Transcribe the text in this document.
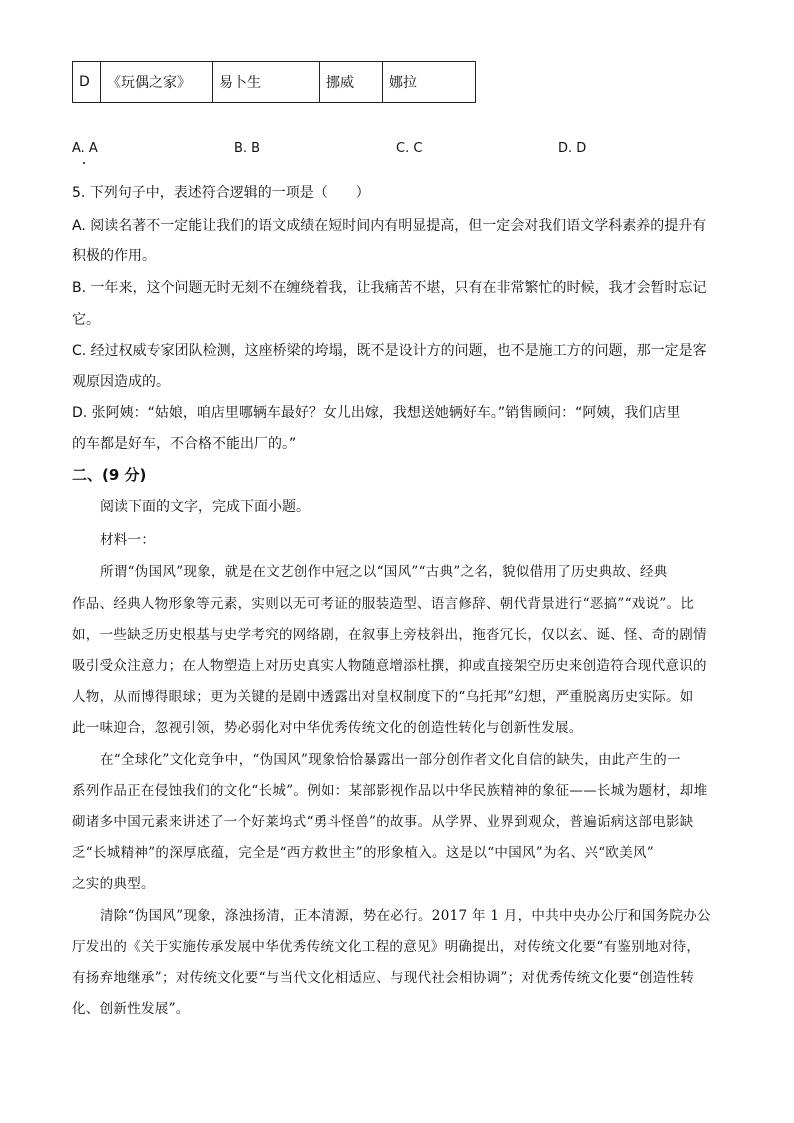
D	《玩偶之家》	易卜生	挪威	娜拉
A. A	B. B	C. C	D. D
5. 下列句子中，表述符合逻辑的一项是（　　）
A. 阅读名著不一定能让我们的语文成绩在短时间内有明显提高，但一定会对我们语文学科素养的提升有
积极的作用。
B. 一年来，这个问题无时无刻不在缠绕着我，让我痛苦不堪，只有在非常繁忙的时候，我才会暂时忘记
它。
C. 经过权威专家团队检测，这座桥梁的垮塌，既不是设计方的问题，也不是施工方的问题，那一定是客
观原因造成的。
D. 张阿姨：“姑娘，咱店里哪辆车最好？女儿出嫁，我想送她辆好车。”销售顾问：“阿姨，我们店里
的车都是好车，不合格不能出厂的。”
二、(9 分)
阅读下面的文字，完成下面小题。
材料一：
所谓“伪国风”现象，就是在文艺创作中冠之以“国风”“古典”之名，貌似借用了历史典故、经典
作品、经典人物形象等元素，实则以无可考证的服装造型、语言修辞、朝代背景进行“恶搞”“戏说”。比
如，一些缺乏历史根基与史学考究的网络剧，在叙事上旁枝斜出，拖沓冗长，仅以玄、诞、怪、奇的剧情
吸引受众注意力；在人物塑造上对历史真实人物随意增添杜撰，抑或直接架空历史来创造符合现代意识的
人物，从而博得眼球；更为关键的是剧中透露出对皇权制度下的“乌托邦”幻想，严重脱离历史实际。如
此一味迎合，忽视引领，势必弱化对中华优秀传统文化的创造性转化与创新性发展。
在“全球化”文化竞争中，“伪国风”现象恰恰暴露出一部分创作者文化自信的缺失，由此产生的一
系列作品正在侵蚀我们的文化“长城”。例如：某部影视作品以中华民族精神的象征——长城为题材，却堆
砌诸多中国元素来讲述了一个好莱坞式“勇斗怪兽”的故事。从学界、业界到观众，普遍诟病这部电影缺
乏“长城精神”的深厚底蕴，完全是“西方救世主”的形象植入。这是以“中国风”为名、兴“欧美风”
之实的典型。
清除“伪国风”现象，涤浊扬清，正本清源，势在必行。2017 年 1 月，中共中央办公厅和国务院办公
厅发出的《关于实施传承发展中华优秀传统文化工程的意见》明确提出，对传统文化要“有鉴别地对待，
有扬弃地继承”；对传统文化要“与当代文化相适应、与现代社会相协调”；对优秀传统文化要“创造性转
化、创新性发展”。
